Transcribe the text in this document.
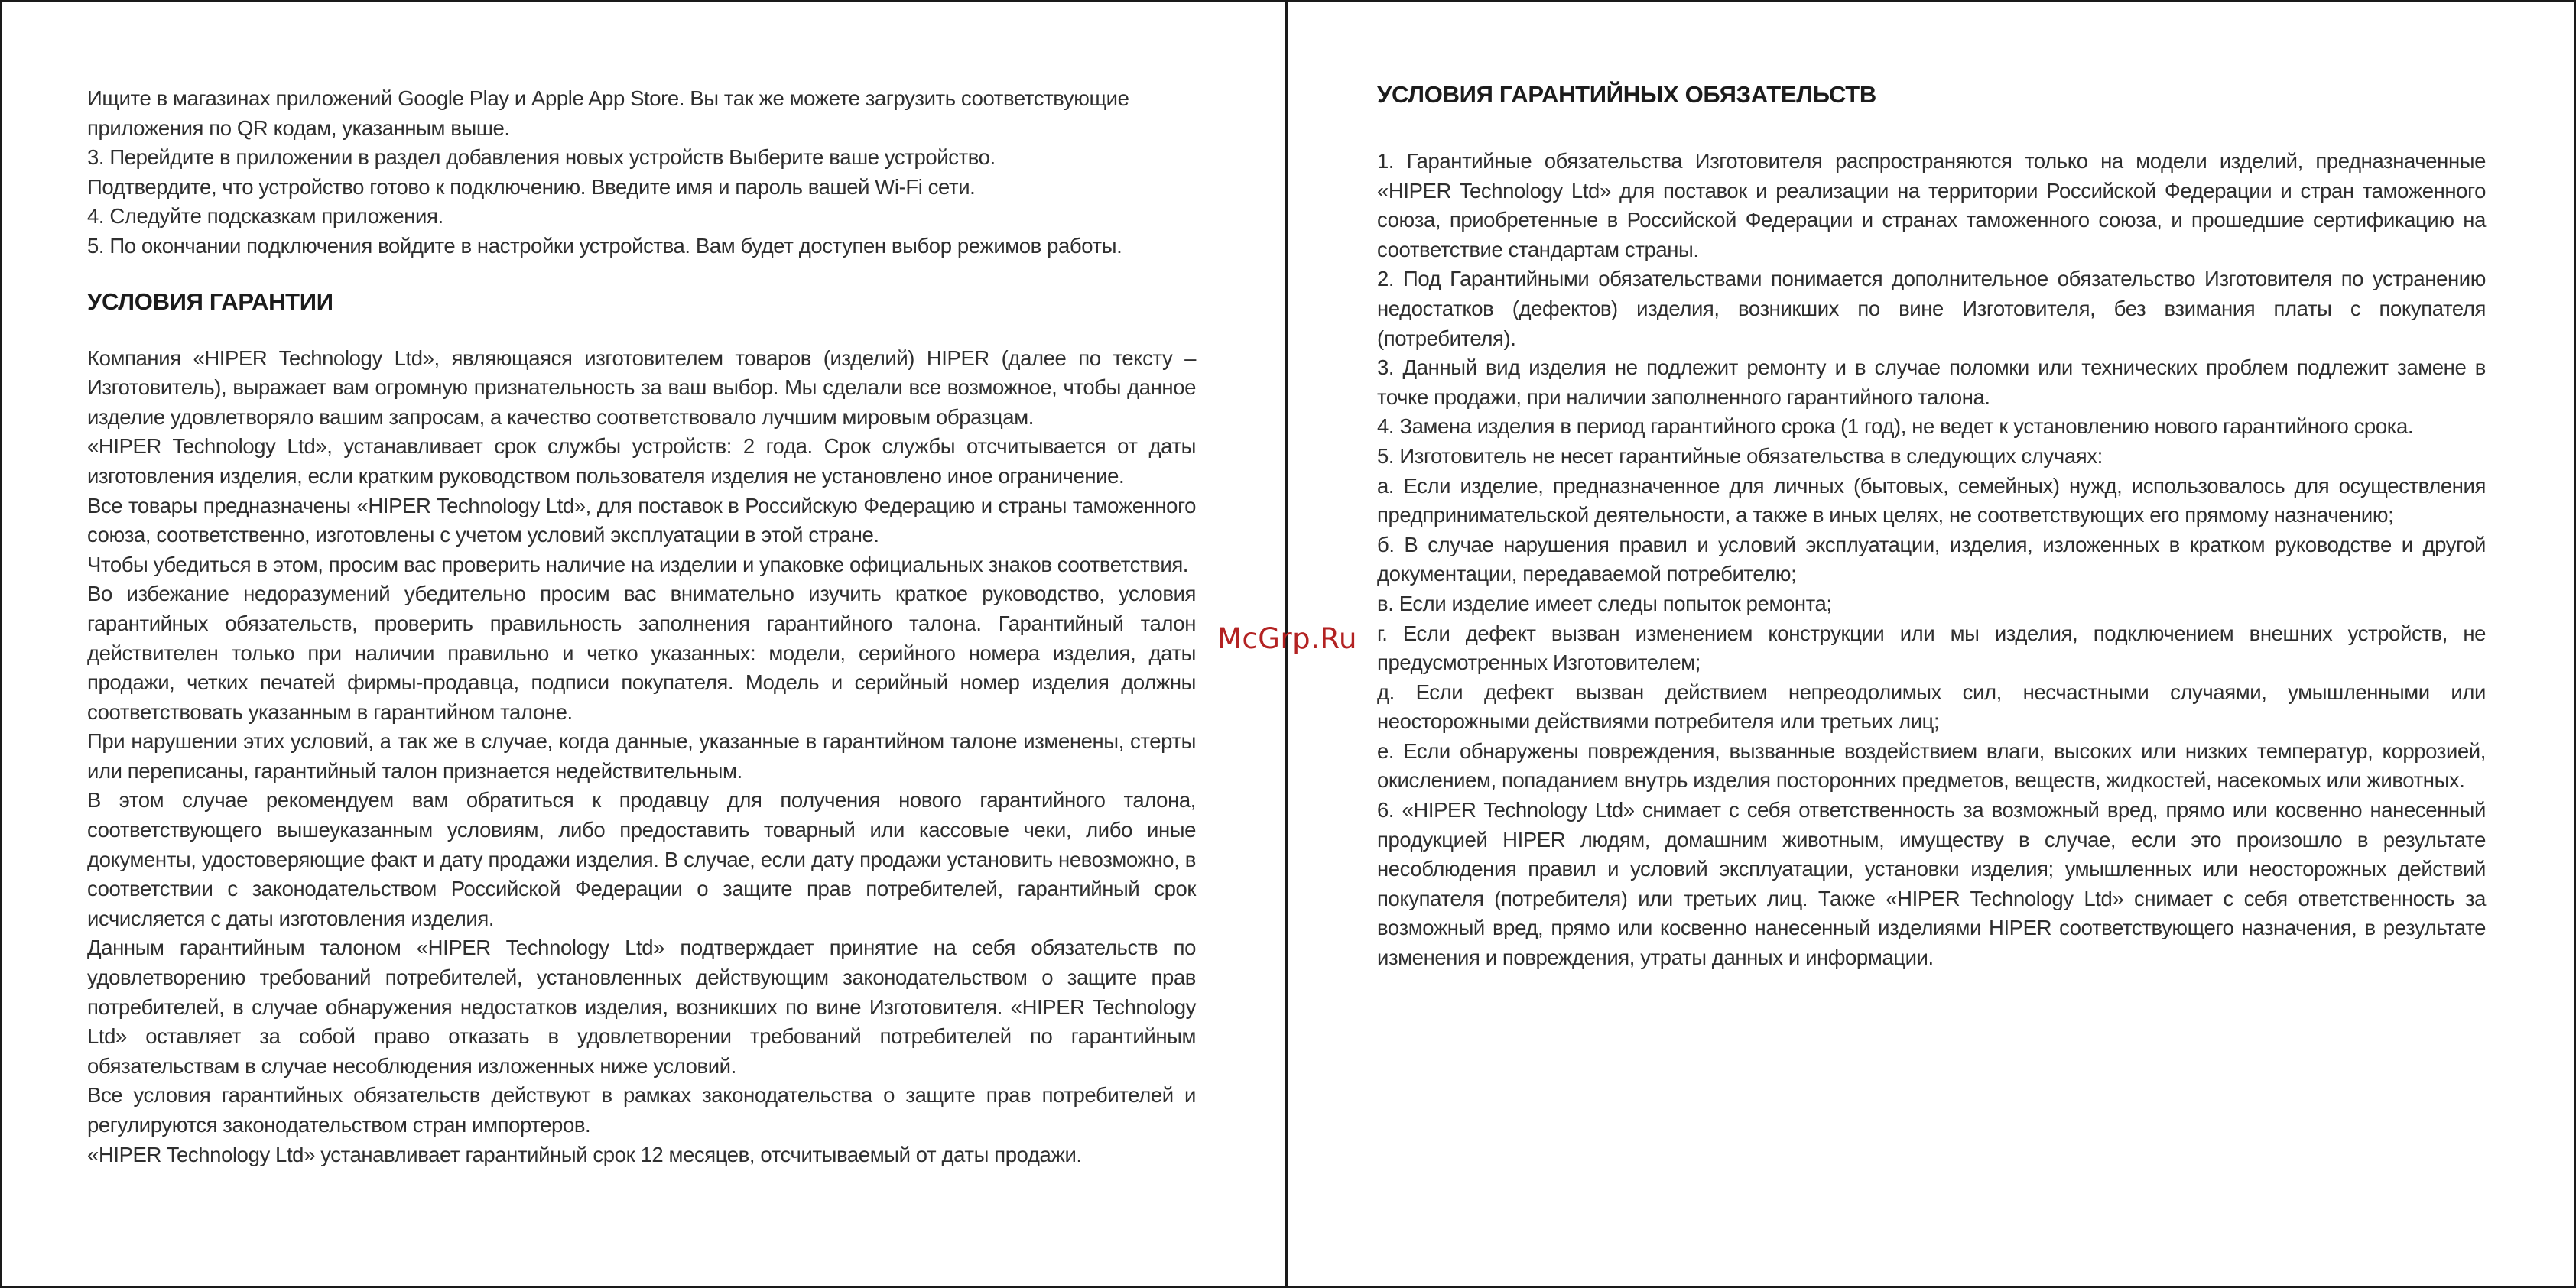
Ищите в магазинах приложений Google Play и Apple App Store. Вы так же можете загрузить соответствующие приложения по QR кодам, указанным выше.

3. Перейдите в приложении в раздел добавления новых устройств Выберите ваше устройство.

Подтвердите, что устройство готово к подключению. Введите имя и пароль вашей Wi-Fi сети.

4. Следуйте подсказкам приложения.

5. По окончании подключения войдите в настройки устройства. Вам будет доступен выбор режимов работы.

УСЛОВИЯ ГАРАНТИИ

Компания «HIPER Technology Ltd», являющаяся изготовителем товаров (изделий) HIPER (далее по тексту – Изготовитель), выражает вам огромную признательность за ваш выбор. Мы сделали все возможное, чтобы данное изделие удовлетворяло вашим запросам, а качество соответствовало лучшим мировым образцам.

«HIPER Technology Ltd», устанавливает срок службы устройств: 2 года. Срок службы отсчитывается от даты изготовления изделия, если кратким руководством пользователя изделия не установлено иное ограничение.

Все товары предназначены «HIPER Technology Ltd», для поставок в Российскую Федерацию и страны таможенного союза, соответственно, изготовлены с учетом условий эксплуатации в этой стране.

Чтобы убедиться в этом, просим вас проверить наличие на изделии и упаковке официальных знаков соответствия.

Во избежание недоразумений убедительно просим вас внимательно изучить краткое руководство, условия гарантийных обязательств, проверить правильность заполнения гарантийного талона. Гарантийный талон действителен только при наличии правильно и четко указанных: модели, серийного номера изделия, даты продажи, четких печатей фирмы-продавца, подписи покупателя. Модель и серийный номер изделия должны соответствовать указанным в гарантийном талоне.

При нарушении этих условий, а так же в случае, когда данные, указанные в гарантийном талоне изменены, стерты или переписаны, гарантийный талон признается недействительным.

В этом случае рекомендуем вам обратиться к продавцу для получения нового гарантийного талона, соответствующего вышеуказанным условиям, либо предоставить товарный или кассовые чеки, либо иные документы, удостоверяющие факт и дату продажи изделия. В случае, если дату продажи установить невозможно, в соответствии с законодательством Российской Федерации о защите прав потребителей, гарантийный срок исчисляется с даты изготовления изделия.

Данным гарантийным талоном «HIPER Technology Ltd» подтверждает принятие на себя обязательств по удовлетворению требований потребителей, установленных действующим законодательством о защите прав потребителей, в случае обнаружения недостатков изделия, возникших по вине Изготовителя. «HIPER Technology Ltd» оставляет за собой право отказать в удовлетворении требований потребителей по гарантийным обязательствам в случае несоблюдения изложенных ниже условий.

Все условия гарантийных обязательств действуют в рамках законодательства о защите прав потребителей и регулируются законодательством стран импортеров.

«HIPER Technology Ltd» устанавливает гарантийный срок 12 месяцев, отсчитываемый от даты продажи.

McGrp.Ru
УСЛОВИЯ ГАРАНТИЙНЫХ ОБЯЗАТЕЛЬСТВ

1. Гарантийные обязательства Изготовителя распространяются только на модели изделий, предназначенные «HIPER Technology Ltd» для поставок и реализации на территории Российской Федерации и стран таможенного союза, приобретенные в Российской Федерации и странах таможенного союза, и прошедшие сертификацию на соответствие стандартам страны.

2. Под Гарантийными обязательствами понимается дополнительное обязательство Изготовителя по устранению недостатков (дефектов) изделия, возникших по вине Изготовителя, без взимания платы с покупателя (потребителя).

3. Данный вид изделия не подлежит ремонту и в случае поломки или технических проблем подлежит замене в точке продажи, при наличии заполненного гарантийного талона.

4. Замена изделия в период гарантийного срока (1 год), не ведет к установлению нового гарантийного срока.

5. Изготовитель не несет гарантийные обязательства в следующих случаях:

а. Если изделие, предназначенное для личных (бытовых, семейных) нужд, использовалось для осуществления предпринимательской деятельности, а также в иных целях, не соответствующих его прямому назначению;

б. В случае нарушения правил и условий эксплуатации, изделия, изложенных в кратком руководстве и другой документации, передаваемой потребителю;

в. Если изделие имеет следы попыток ремонта;

г. Если дефект вызван изменением конструкции или мы изделия, подключением внешних устройств, не предусмотренных Изготовителем;

д. Если дефект вызван действием непреодолимых сил, несчастными случаями, умышленными или неосторожными действиями потребителя или третьих лиц;

е. Если обнаружены повреждения, вызванные воздействием влаги, высоких или низких температур, коррозией, окислением, попаданием внутрь изделия посторонних предметов, веществ, жидкостей, насекомых или животных.

6. «HIPER Technology Ltd» снимает с себя ответственность за возможный вред, прямо или косвенно нанесенный продукцией HIPER людям, домашним животным, имуществу в случае, если это произошло в результате несоблюдения правил и условий эксплуатации, установки изделия; умышленных или неосторожных действий покупателя (потребителя) или третьих лиц. Также «HIPER Technology Ltd» снимает с себя ответственность за возможный вред, прямо или косвенно нанесенный изделиями HIPER соответствующего назначения, в результате изменения и повреждения, утраты данных и информации.
